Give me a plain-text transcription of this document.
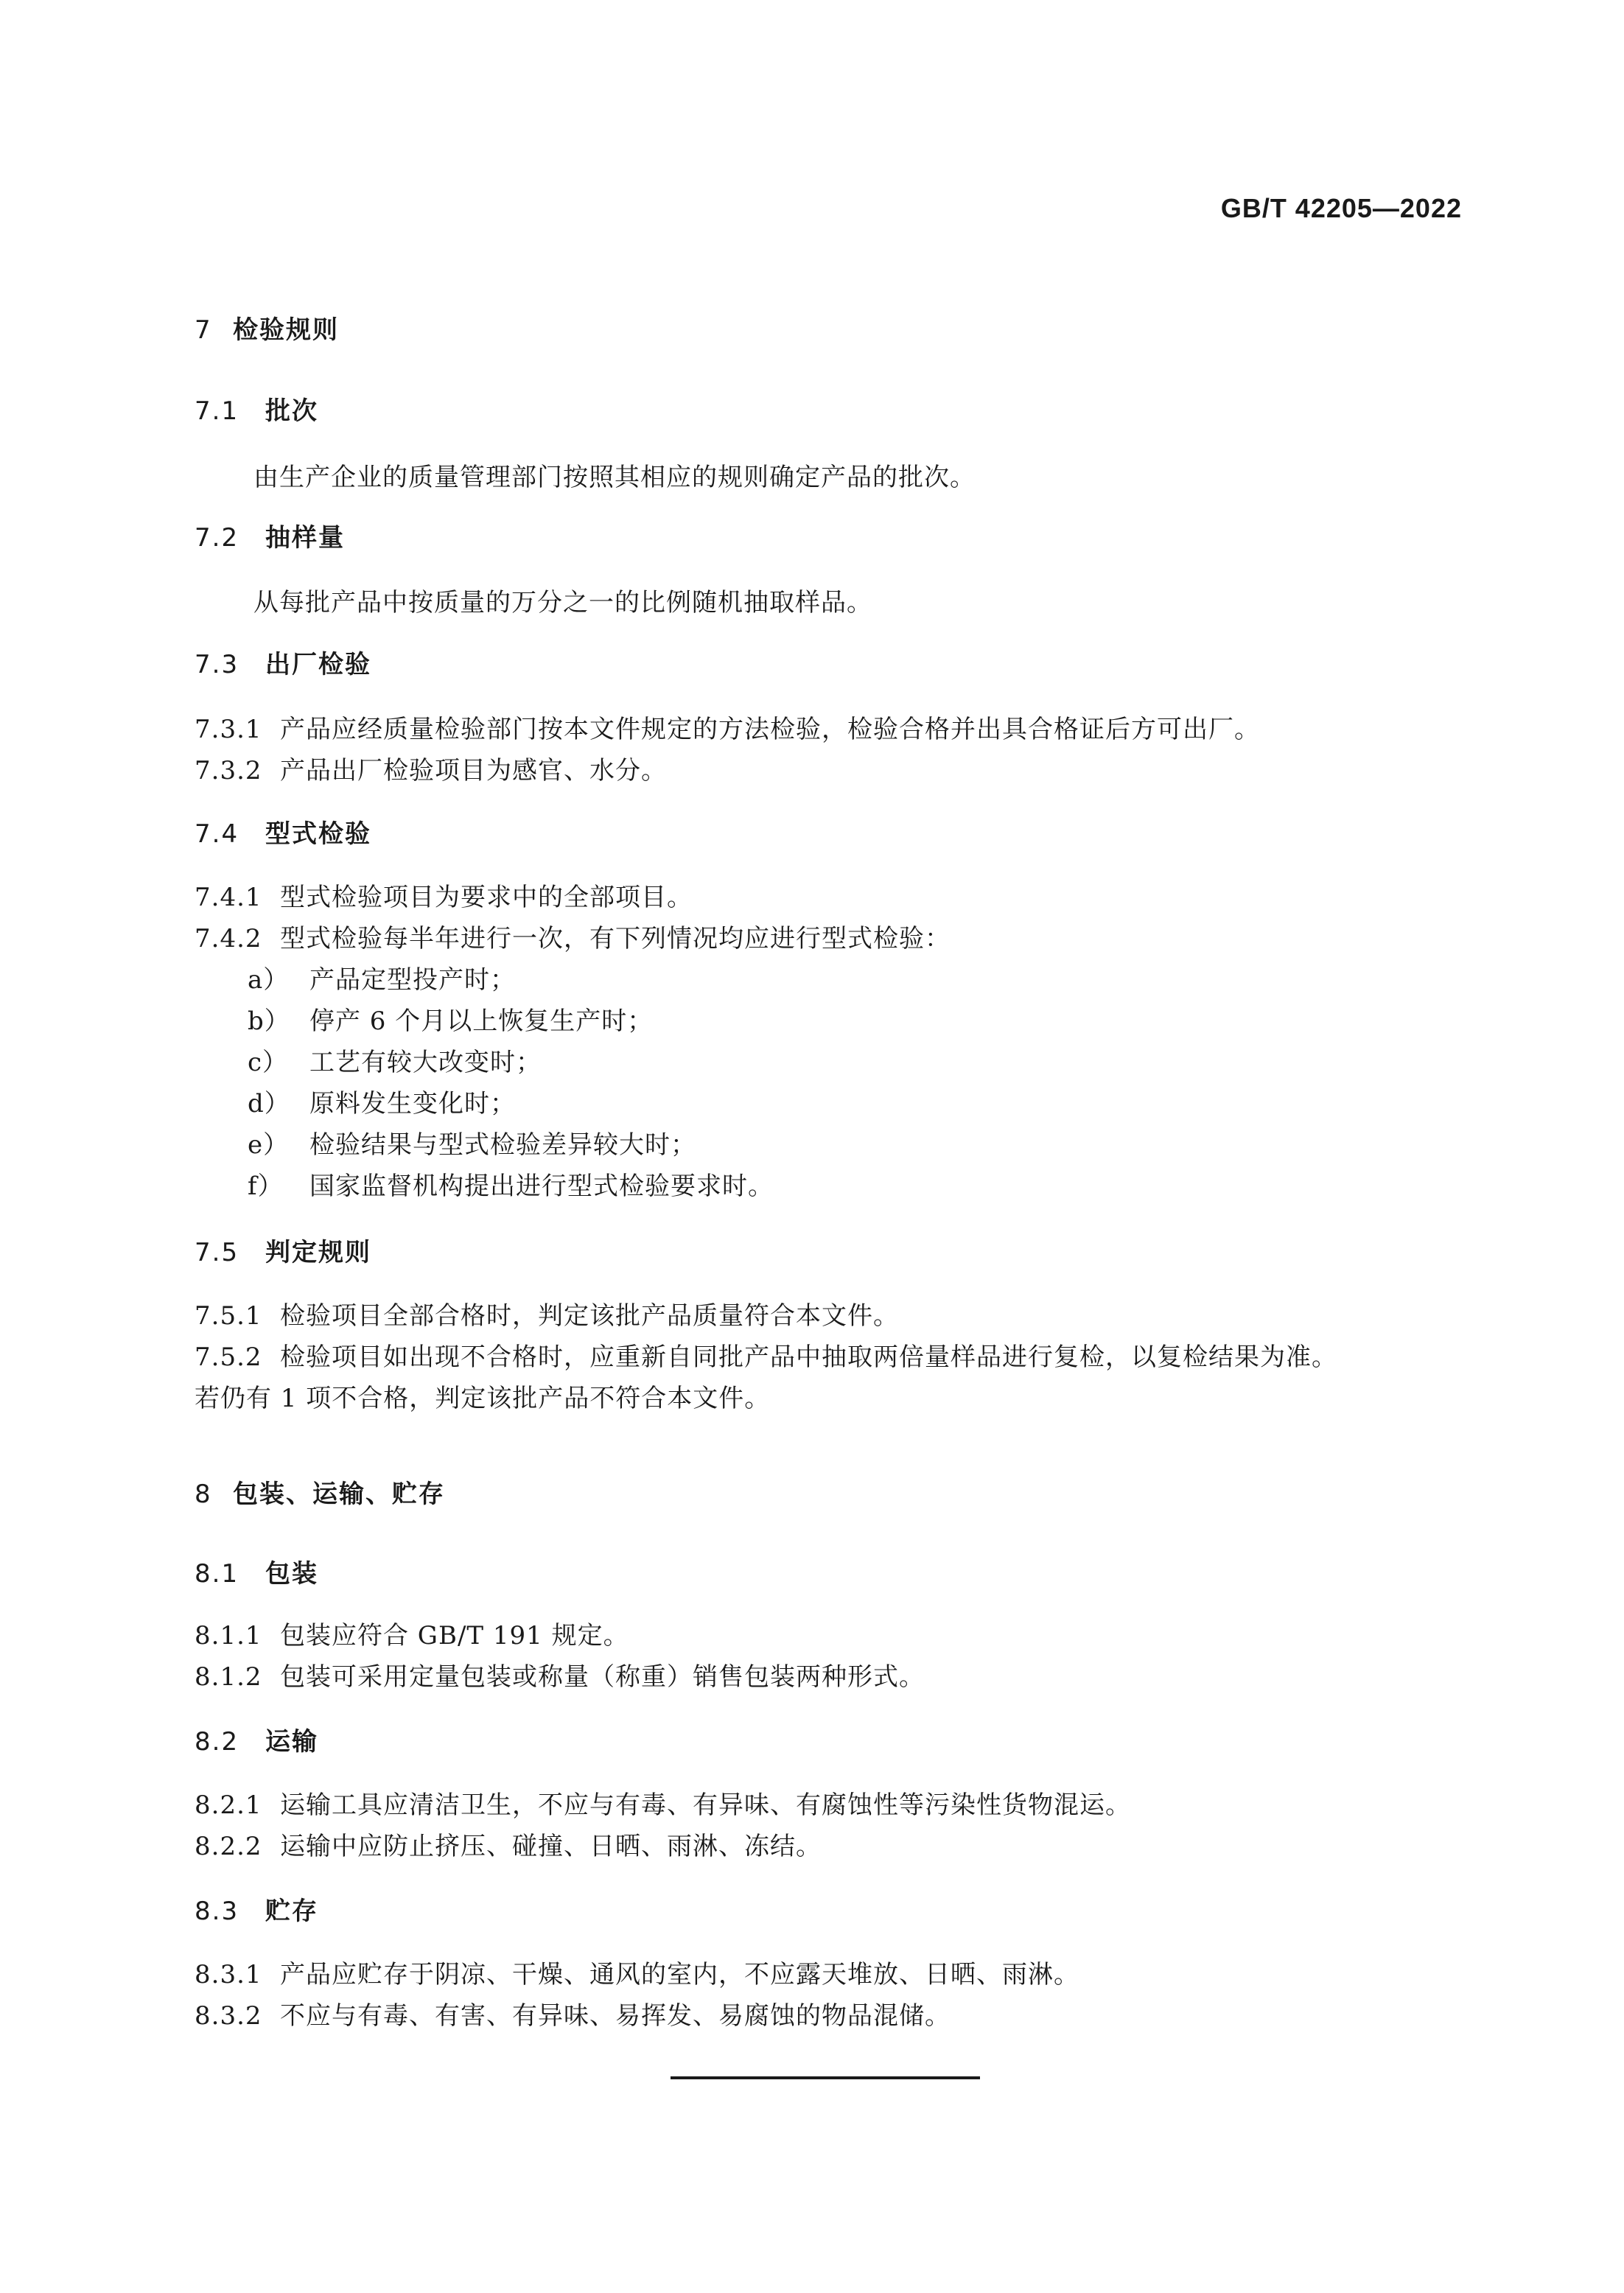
GB/T 42205—2022
7 检验规则
7.1 批次
由生产企业的质量管理部门按照其相应的规则确定产品的批次。
7.2 抽样量
从每批产品中按质量的万分之一的比例随机抽取样品。
7.3 出厂检验
7.3.1 产品应经质量检验部门按本文件规定的方法检验，检验合格并出具合格证后方可出厂。
7.3.2 产品出厂检验项目为感官、水分。
7.4 型式检验
7.4.1 型式检验项目为要求中的全部项目。
7.4.2 型式检验每半年进行一次，有下列情况均应进行型式检验：
a） 产品定型投产时；
b） 停产 6 个月以上恢复生产时；
c） 工艺有较大改变时；
d） 原料发生变化时；
e） 检验结果与型式检验差异较大时；
f） 国家监督机构提出进行型式检验要求时。
7.5 判定规则
7.5.1 检验项目全部合格时，判定该批产品质量符合本文件。
7.5.2 检验项目如出现不合格时，应重新自同批产品中抽取两倍量样品进行复检，以复检结果为准。
若仍有 1 项不合格，判定该批产品不符合本文件。
8 包装、运输、贮存
8.1 包装
8.1.1 包装应符合 GB/T 191 规定。
8.1.2 包装可采用定量包装或称量（称重）销售包装两种形式。
8.2 运输
8.2.1 运输工具应清洁卫生，不应与有毒、有异味、有腐蚀性等污染性货物混运。
8.2.2 运输中应防止挤压、碰撞、日晒、雨淋、冻结。
8.3 贮存
8.3.1 产品应贮存于阴凉、干燥、通风的室内，不应露天堆放、日晒、雨淋。
8.3.2 不应与有毒、有害、有异味、易挥发、易腐蚀的物品混储。
